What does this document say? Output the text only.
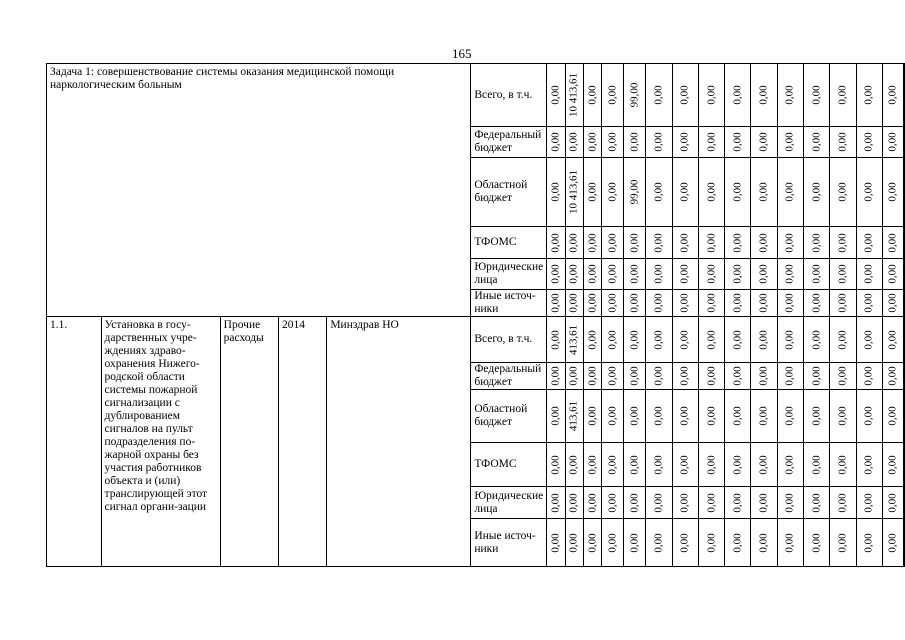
165
Задача 1: совершенствование системы оказания медицинской помощи наркологическим больным					Всего, в т.ч.	0,00	10 413,61	0,00	0,00	99,00	0,00	0,00	0,00	0,00	0,00	0,00	0,00	0,00	0,00	0,00

					Федеральный бюджет	0,00	0,00	0,00	0,00	0,00	0,00	0,00	0,00	0,00	0,00	0,00	0,00	0,00	0,00	0,00

					Областной бюджет	0,00	10 413,61	0,00	0,00	99,00	0,00	0,00	0,00	0,00	0,00	0,00	0,00	0,00	0,00	0,00

					ТФОМС	0,00	0,00	0,00	0,00	0,00	0,00	0,00	0,00	0,00	0,00	0,00	0,00	0,00	0,00	0,00

					Юридические лица	0,00	0,00	0,00	0,00	0,00	0,00	0,00	0,00	0,00	0,00	0,00	0,00	0,00	0,00	0,00

					Иные источ-ники	0,00	0,00	0,00	0,00	0,00	0,00	0,00	0,00	0,00	0,00	0,00	0,00	0,00	0,00	0,00

1.1.	Установка в госу-дарственных учре-ждениях здраво-охранения Нижего-родской области системы пожарной сигнализации с дублированием сигналов на пульт подразделения по-жарной охраны без участия работников объекта и (или) транслирующей этот сигнал органи-зации	Прочие расходы	2014	Минздрав НО	Всего, в т.ч.	0,00	413,61	0,00	0,00	0,00	0,00	0,00	0,00	0,00	0,00	0,00	0,00	0,00	0,00	0,00

					Федеральный бюджет	0,00	0,00	0,00	0,00	0,00	0,00	0,00	0,00	0,00	0,00	0,00	0,00	0,00	0,00	0,00

					Областной бюджет	0,00	413,61	0,00	0,00	0,00	0,00	0,00	0,00	0,00	0,00	0,00	0,00	0,00	0,00	0,00

					ТФОМС	0,00	0,00	0,00	0,00	0,00	0,00	0,00	0,00	0,00	0,00	0,00	0,00	0,00	0,00	0,00

					Юридические лица	0,00	0,00	0,00	0,00	0,00	0,00	0,00	0,00	0,00	0,00	0,00	0,00	0,00	0,00	0,00

					Иные источ-ники	0,00	0,00	0,00	0,00	0,00	0,00	0,00	0,00	0,00	0,00	0,00	0,00	0,00	0,00	0,00
